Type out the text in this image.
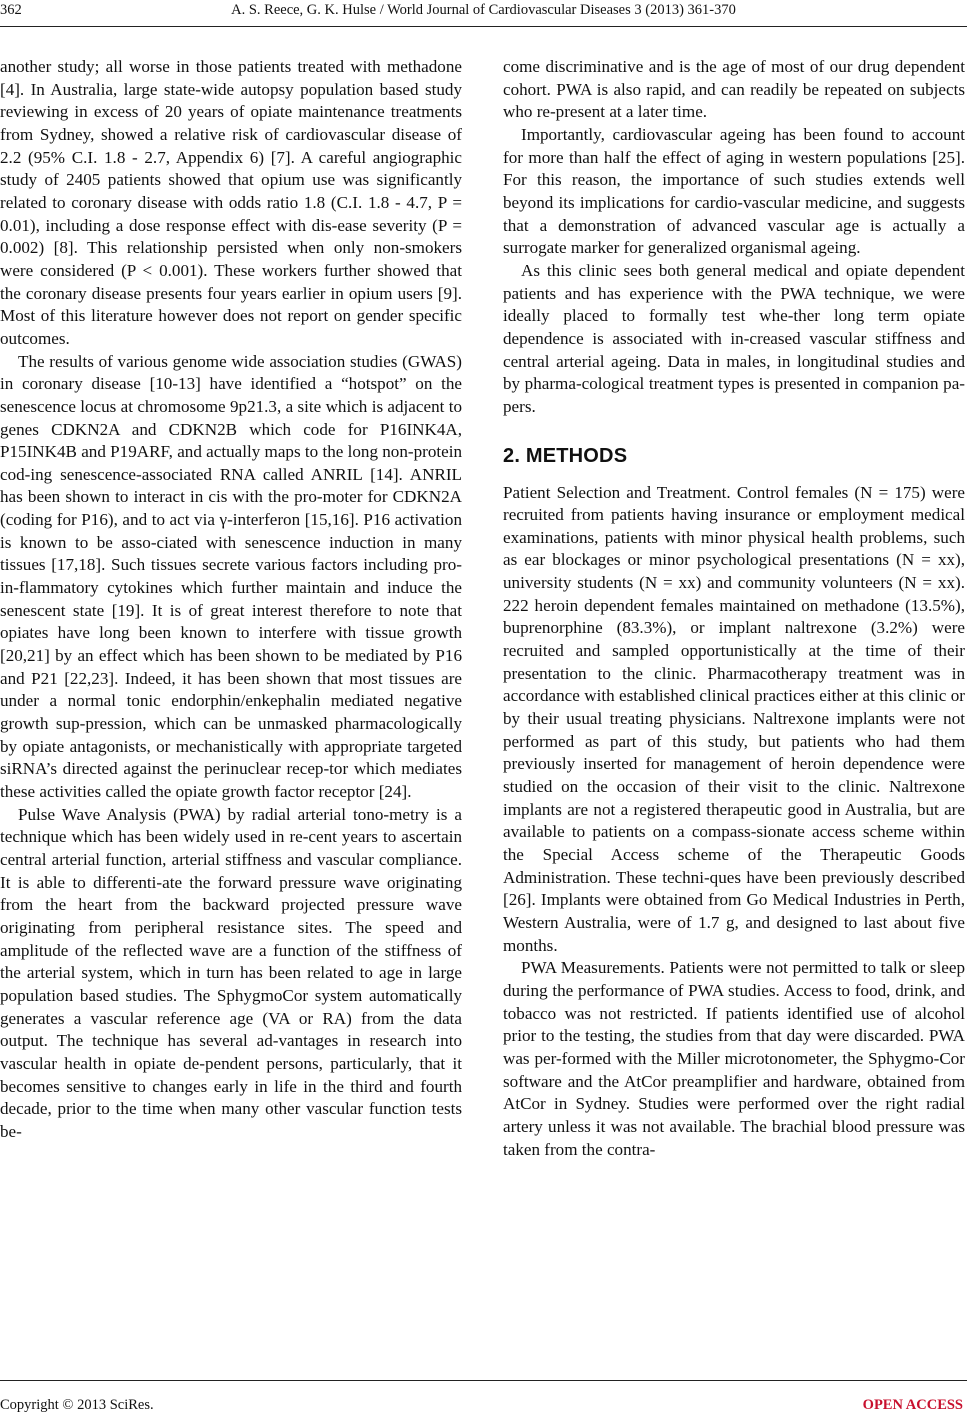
362	A. S. Reece, G. K. Hulse / World Journal of Cardiovascular Diseases 3 (2013) 361-370

another study; all worse in those patients treated with methadone [4]. In Australia, large state-wide autopsy population based study reviewing in excess of 20 years of opiate maintenance treatments from Sydney, showed a relative risk of cardiovascular disease of 2.2 (95% C.I. 1.8 - 2.7, Appendix 6) [7]. A careful angiographic study of 2405 patients showed that opium use was significantly related to coronary disease with odds ratio 1.8 (C.I. 1.8 - 4.7, P = 0.01), including a dose response effect with dis-ease severity (P = 0.002) [8]. This relationship persisted when only non-smokers were considered (P < 0.001). These workers further showed that the coronary disease presents four years earlier in opium users [9]. Most of this literature however does not report on gender specific outcomes.

The results of various genome wide association studies (GWAS) in coronary disease [10-13] have identified a “hotspot” on the senescence locus at chromosome 9p21.3, a site which is adjacent to genes CDKN2A and CDKN2B which code for P16INK4A, P15INK4B and P19ARF, and actually maps to the long non-protein cod-ing senescence-associated RNA called ANRIL [14]. ANRIL has been shown to interact in cis with the pro-moter for CDKN2A (coding for P16), and to act via γ-interferon [15,16]. P16 activation is known to be asso-ciated with senescence induction in many tissues [17,18]. Such tissues secrete various factors including pro-in-flammatory cytokines which further maintain and induce the senescent state [19]. It is of great interest therefore to note that opiates have long been known to interfere with tissue growth [20,21] by an effect which has been shown to be mediated by P16 and P21 [22,23]. Indeed, it has been shown that most tissues are under a normal tonic endorphin/enkephalin mediated negative growth sup-pression, which can be unmasked pharmacologically by opiate antagonists, or mechanistically with appropriate targeted siRNA’s directed against the perinuclear recep-tor which mediates these activities called the opiate growth factor receptor [24].

Pulse Wave Analysis (PWA) by radial arterial tono-metry is a technique which has been widely used in re-cent years to ascertain central arterial function, arterial stiffness and vascular compliance. It is able to differenti-ate the forward pressure wave originating from the heart from the backward projected pressure wave originating from peripheral resistance sites. The speed and amplitude of the reflected wave are a function of the stiffness of the arterial system, which in turn has been related to age in large population based studies. The SphygmoCor system automatically generates a vascular reference age (VA or RA) from the data output. The technique has several ad-vantages in research into vascular health in opiate de-pendent persons, particularly, that it becomes sensitive to changes early in life in the third and fourth decade, prior to the time when many other vascular function tests be-

come discriminative and is the age of most of our drug dependent cohort. PWA is also rapid, and can readily be repeated on subjects who re-present at a later time.

Importantly, cardiovascular ageing has been found to account for more than half the effect of aging in western populations [25]. For this reason, the importance of such studies extends well beyond its implications for cardio-vascular medicine, and suggests that a demonstration of advanced vascular age is actually a surrogate marker for generalized organismal ageing.

As this clinic sees both general medical and opiate dependent patients and has experience with the PWA technique, we were ideally placed to formally test whe-ther long term opiate dependence is associated with in-creased vascular stiffness and central arterial ageing. Data in males, in longitudinal studies and by pharma-cological treatment types is presented in companion pa-pers.

2. METHODS

Patient Selection and Treatment. Control females (N = 175) were recruited from patients having insurance or employment medical examinations, patients with minor physical health problems, such as ear blockages or minor psychological presentations (N = xx), university students (N = xx) and community volunteers (N = xx). 222 heroin dependent females maintained on methadone (13.5%), buprenorphine (83.3%), or implant naltrexone (3.2%) were recruited and sampled opportunistically at the time of their presentation to the clinic. Pharmacotherapy treatment was in accordance with established clinical practices either at this clinic or by their usual treating physicians. Naltrexone implants were not performed as part of this study, but patients who had them previously inserted for management of heroin dependence were studied on the occasion of their visit to the clinic. Naltrexone implants are not a registered therapeutic good in Australia, but are available to patients on a compass-sionate access scheme within the Special Access scheme of the Therapeutic Goods Administration. These techni-ques have been previously described [26]. Implants were obtained from Go Medical Industries in Perth, Western Australia, were of 1.7 g, and designed to last about five months.

PWA Measurements. Patients were not permitted to talk or sleep during the performance of PWA studies. Access to food, drink, and tobacco was not restricted. If patients identified use of alcohol prior to the testing, the studies from that day were discarded. PWA was per-formed with the Miller microtonometer, the Sphygmo-Cor software and the AtCor preamplifier and hardware, obtained from AtCor in Sydney. Studies were performed over the right radial artery unless it was not available. The brachial blood pressure was taken from the contra-

Copyright © 2013 SciRes.	OPEN ACCESS
